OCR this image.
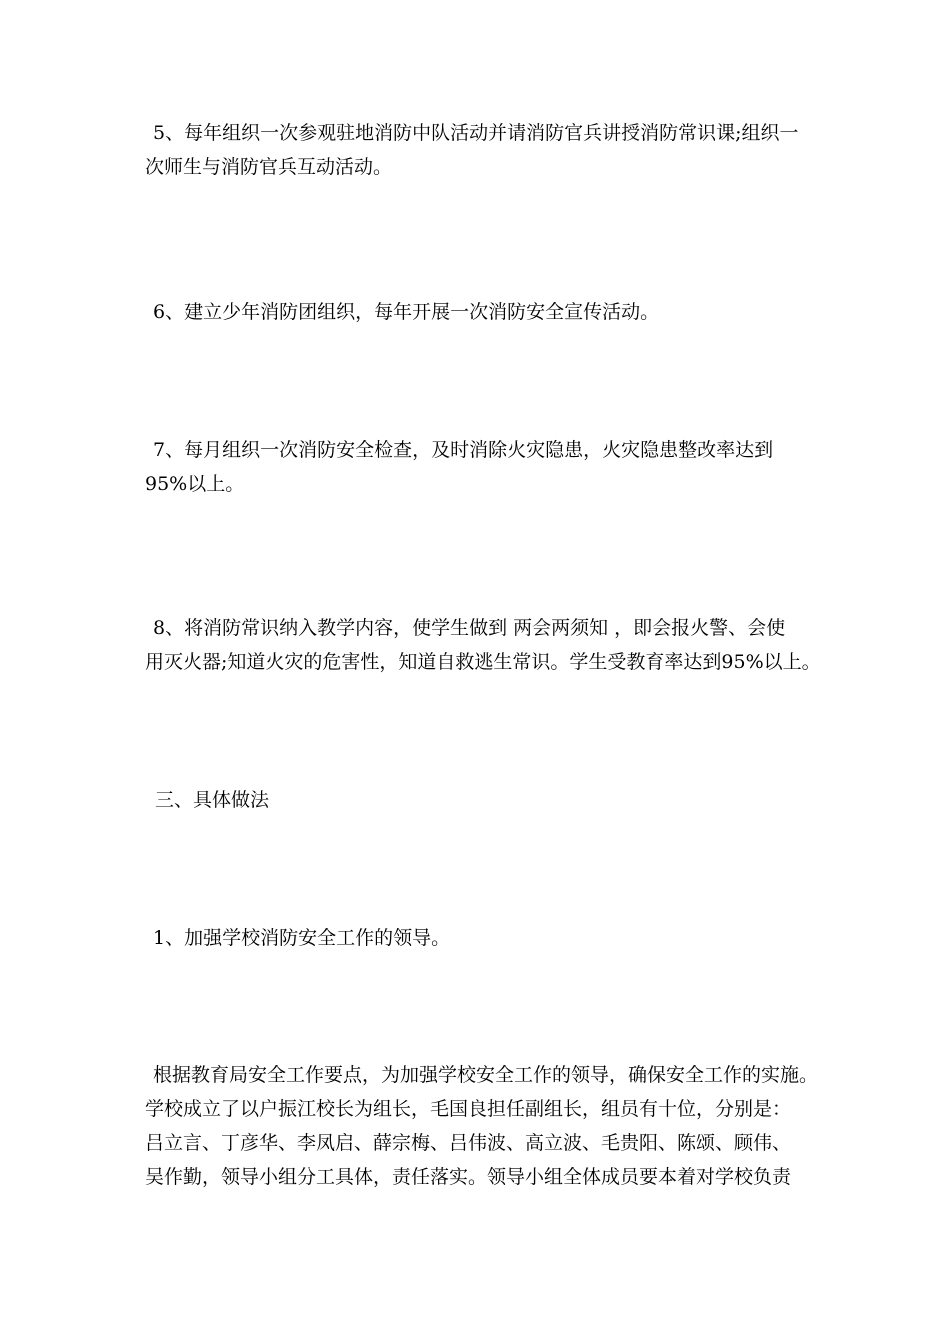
5、每年组织一次参观驻地消防中队活动并请消防官兵讲授消防常识课;组织一
次师生与消防官兵互动活动。

6、建立少年消防团组织，每年开展一次消防安全宣传活动。

7、每月组织一次消防安全检查，及时消除火灾隐患，火灾隐患整改率达到
95%以上。

8、将消防常识纳入教学内容，使学生做到 两会两须知 ，即会报火警、会使
用灭火器;知道火灾的危害性，知道自救逃生常识。学生受教育率达到95%以上。

三、具体做法

1、加强学校消防安全工作的领导。

根据教育局安全工作要点，为加强学校安全工作的领导，确保安全工作的实施。
学校成立了以户振江校长为组长，毛国良担任副组长，组员有十位，分别是：
吕立言、丁彦华、李凤启、薛宗梅、吕伟波、高立波、毛贵阳、陈颂、顾伟、
吴作勤，领导小组分工具体，责任落实。领导小组全体成员要本着对学校负责
